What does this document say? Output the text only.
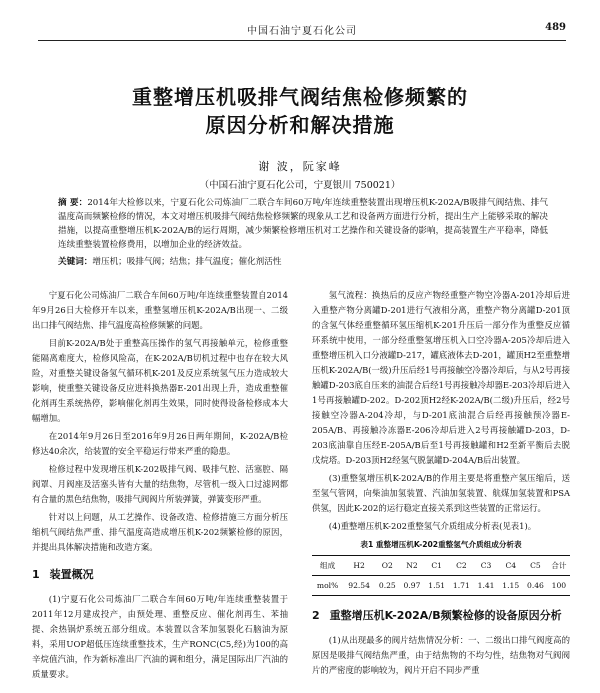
中国石油宁夏石化公司	489
重整增压机吸排气阀结焦检修频繁的
原因分析和解决措施
谢 波，阮家峰
（中国石油宁夏石化公司，宁夏银川 750021）
摘 要：2014年大检修以来，宁夏石化公司炼油厂二联合车间60万吨/年连续重整装置出现增压机K-202A/B吸排气阀结焦、排气温度高而频繁检修的情况，本文对增压机吸排气阀结焦检修频繁的现象从工艺和设备两方面进行分析，提出生产上能够采取的解决措施，以提高重整增压机K-202A/B的运行周期，减少频繁检修增压机对工艺操作和关键设备的影响，提高装置生产平稳率，降低连续重整装置检修费用，以增加企业的经济效益。
关键词：增压机；吸排气阀；结焦；排气温度；催化剂活性

宁夏石化公司炼油厂二联合车间60万吨/年连续重整装置自2014年9月26日大检修开车以来，重整氢增压机K-202A/B出现一、二级出口排气阀结焦、排气温度高检修频繁的问题。

目前K-202A/B处于重整高压操作的氢气再接触单元，检修重整能隔离难度大，检修风险高，在K-202A/B切机过程中也存在较大风险，对重整关键设备氢气循环机K-201及反应系统氢气压力造成较大影响，使重整关键设备反应进料换热器E-201出现上升，造成重整催化剂再生系统热停，影响催化剂再生效果，同时使得设备检修成本大幅增加。

在2014年9月26日至2016年9月26日两年期间，K-202A/B检修达40余次，给装置的安全平稳运行带来严重的隐患。

检修过程中发现增压机K-202吸排气阀、吸排气腔、活塞腔、隔阀罩、月阀座及活塞头皆有大量的结焦物，尽管机一级入口过滤网都有合量的黑色结焦物，吸排气阀阀片所装弹簧，弹簧变形严重。

针对以上问题，从工艺操作、设备改造、检修措施三方面分析压缩机气阀结焦严重、排气温度高造成增压机K-202频繁检修的原因，并提出具体解决措施和改造方案。

1 装置概况

(1)宁夏石化公司炼油厂二联合车间60万吨/年连续重整装置于2011年12月建成投产，由预处理、重整反应、催化剂再生、苯抽提、余热锅炉系统五部分组成。本装置以含苯加氢裂化石脑油为原料，采用UOP超低压连续重整技术，生产RONC(C5,经)为100的高辛烷值汽油，作为新标准出厂汽油的调和组分，满足国际出厂汽油的质量要求。

氢气流程：换热后的反应产物经重整产物空冷器A-201冷却后进入重整产物分离罐D-201进行气液相分离，重整产物分离罐D-201顶的含氢气体经重整循环氢压缩机K-201升压后一部分作为重整反应循环系统中使用，一部分经重整氢增压机入口空冷器A-205冷却后进入重整增压机入口分液罐D-217，罐底液体去D-201，罐顶H2至重整增压机K-202A/B(一级)升压后经1号再接触空冷器冷却后，与从2号再接触罐D-203底自压来的油混合后经1号再接触冷却器E-203冷却后进入1号再接触罐D-202。D-202顶H2经K-202A/B(二级)升压后，经2号接触空冷器A-204冷却，与D-201底油混合后经再接触预冷器E-205A/B、再接触冷冻器E-206冷却后进入2号再接触罐D-203，D-203底油靠自压经E-205A/B后至1号再接触罐和H2至新平衡后去脱戊烷塔。D-203顶H2经氢气脱氯罐D-204A/B后出装置。

(3)重整氢增压机K-202A/B的作用主要是将重整产氢压缩后，送至氢气管网，向柴油加氢装置、汽油加氢装置、航煤加氢装置和PSA供氢，因此K-202的运行稳定直接关系到这些装置的正常运行。

(4)重整增压机K-202重整氢气介质组成分析表(见表1)。

表1 重整增压机K-202重整氢气介质组成分析表

组成	H2	O2	N2	C1	C2	C3	C4	C5	合计
mol%	92.54	0.25	0.97	1.51	1.71	1.41	1.15	0.46	100
2 重整增压机K-202A/B频繁检修的设备原因分析

(1)从出现最多的阀片结焦情况分析：一、二级出口排气阀度高的原因是吸排气阀结焦严重，由于结焦物的不均匀性，结焦物对气阀阀片的严密度的影响较为，阀片开启不同步严重
